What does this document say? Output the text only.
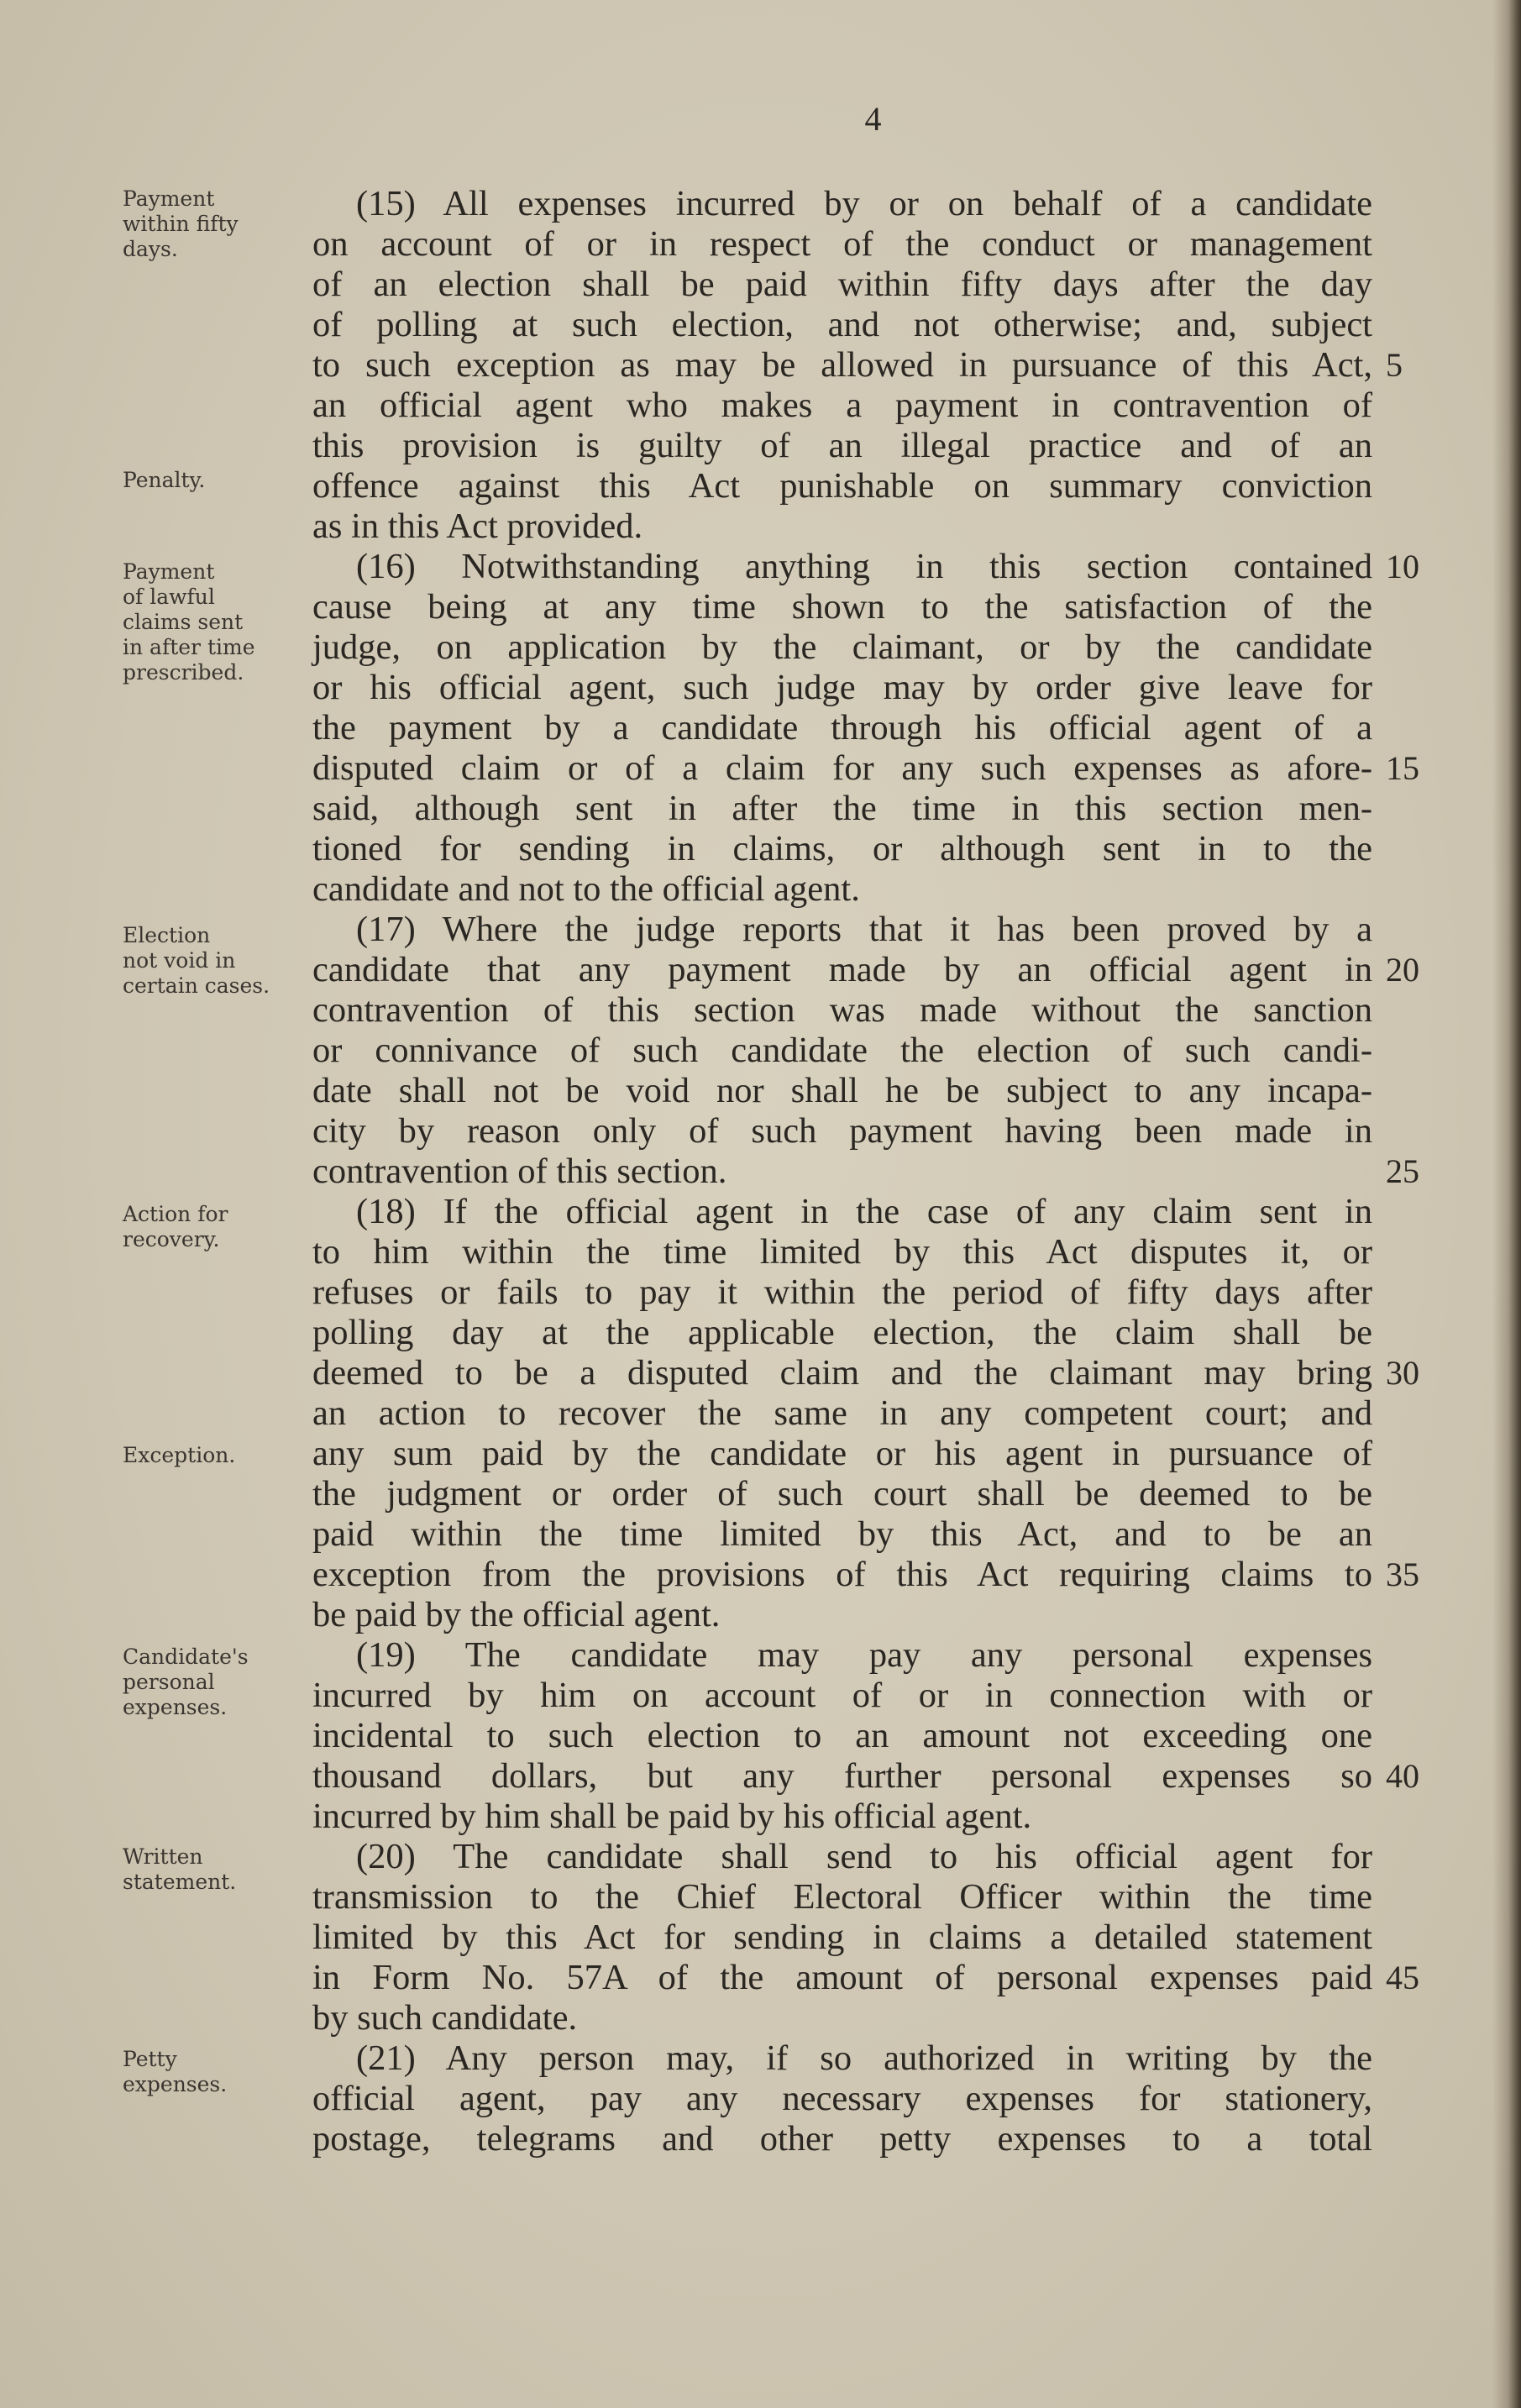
4
Payment
within fifty
days.
Penalty.
Payment
of lawful
claims sent
in after time
prescribed.
Election
not void in
certain cases.
Action for
recovery.
Exception.
Candidate's
personal
expenses.
Written
statement.
Petty
expenses.
(15) All expenses incurred by or on behalf of a candidate
on account of or in respect of the conduct or management
of an election shall be paid within fifty days after the day
of polling at such election, and not otherwise; and, subject
to such exception as may be allowed in pursuance of this Act,
an official agent who makes a payment in contravention of
this provision is guilty of an illegal practice and of an
offence against this Act punishable on summary conviction
as in this Act provided.
(16) Notwithstanding anything in this section contained
cause being at any time shown to the satisfaction of the
judge, on application by the claimant, or by the candidate
or his official agent, such judge may by order give leave for
the payment by a candidate through his official agent of a
disputed claim or of a claim for any such expenses as afore-
said, although sent in after the time in this section men-
tioned for sending in claims, or although sent in to the
candidate and not to the official agent.
(17) Where the judge reports that it has been proved by a
candidate that any payment made by an official agent in
contravention of this section was made without the sanction
or connivance of such candidate the election of such candi-
date shall not be void nor shall he be subject to any incapa-
city by reason only of such payment having been made in
contravention of this section.
(18) If the official agent in the case of any claim sent in
to him within the time limited by this Act disputes it, or
refuses or fails to pay it within the period of fifty days after
polling day at the applicable election, the claim shall be
deemed to be a disputed claim and the claimant may bring
an action to recover the same in any competent court; and
any sum paid by the candidate or his agent in pursuance of
the judgment or order of such court shall be deemed to be
paid within the time limited by this Act, and to be an
exception from the provisions of this Act requiring claims to
be paid by the official agent.
(19) The candidate may pay any personal expenses
incurred by him on account of or in connection with or
incidental to such election to an amount not exceeding one
thousand dollars, but any further personal expenses so
incurred by him shall be paid by his official agent.
(20) The candidate shall send to his official agent for
transmission to the Chief Electoral Officer within the time
limited by this Act for sending in claims a detailed statement
in Form No. 57A of the amount of personal expenses paid
by such candidate.
(21) Any person may, if so authorized in writing by the
official agent, pay any necessary expenses for stationery,
postage, telegrams and other petty expenses to a total
5
10
15
20
25
30
35
40
45
